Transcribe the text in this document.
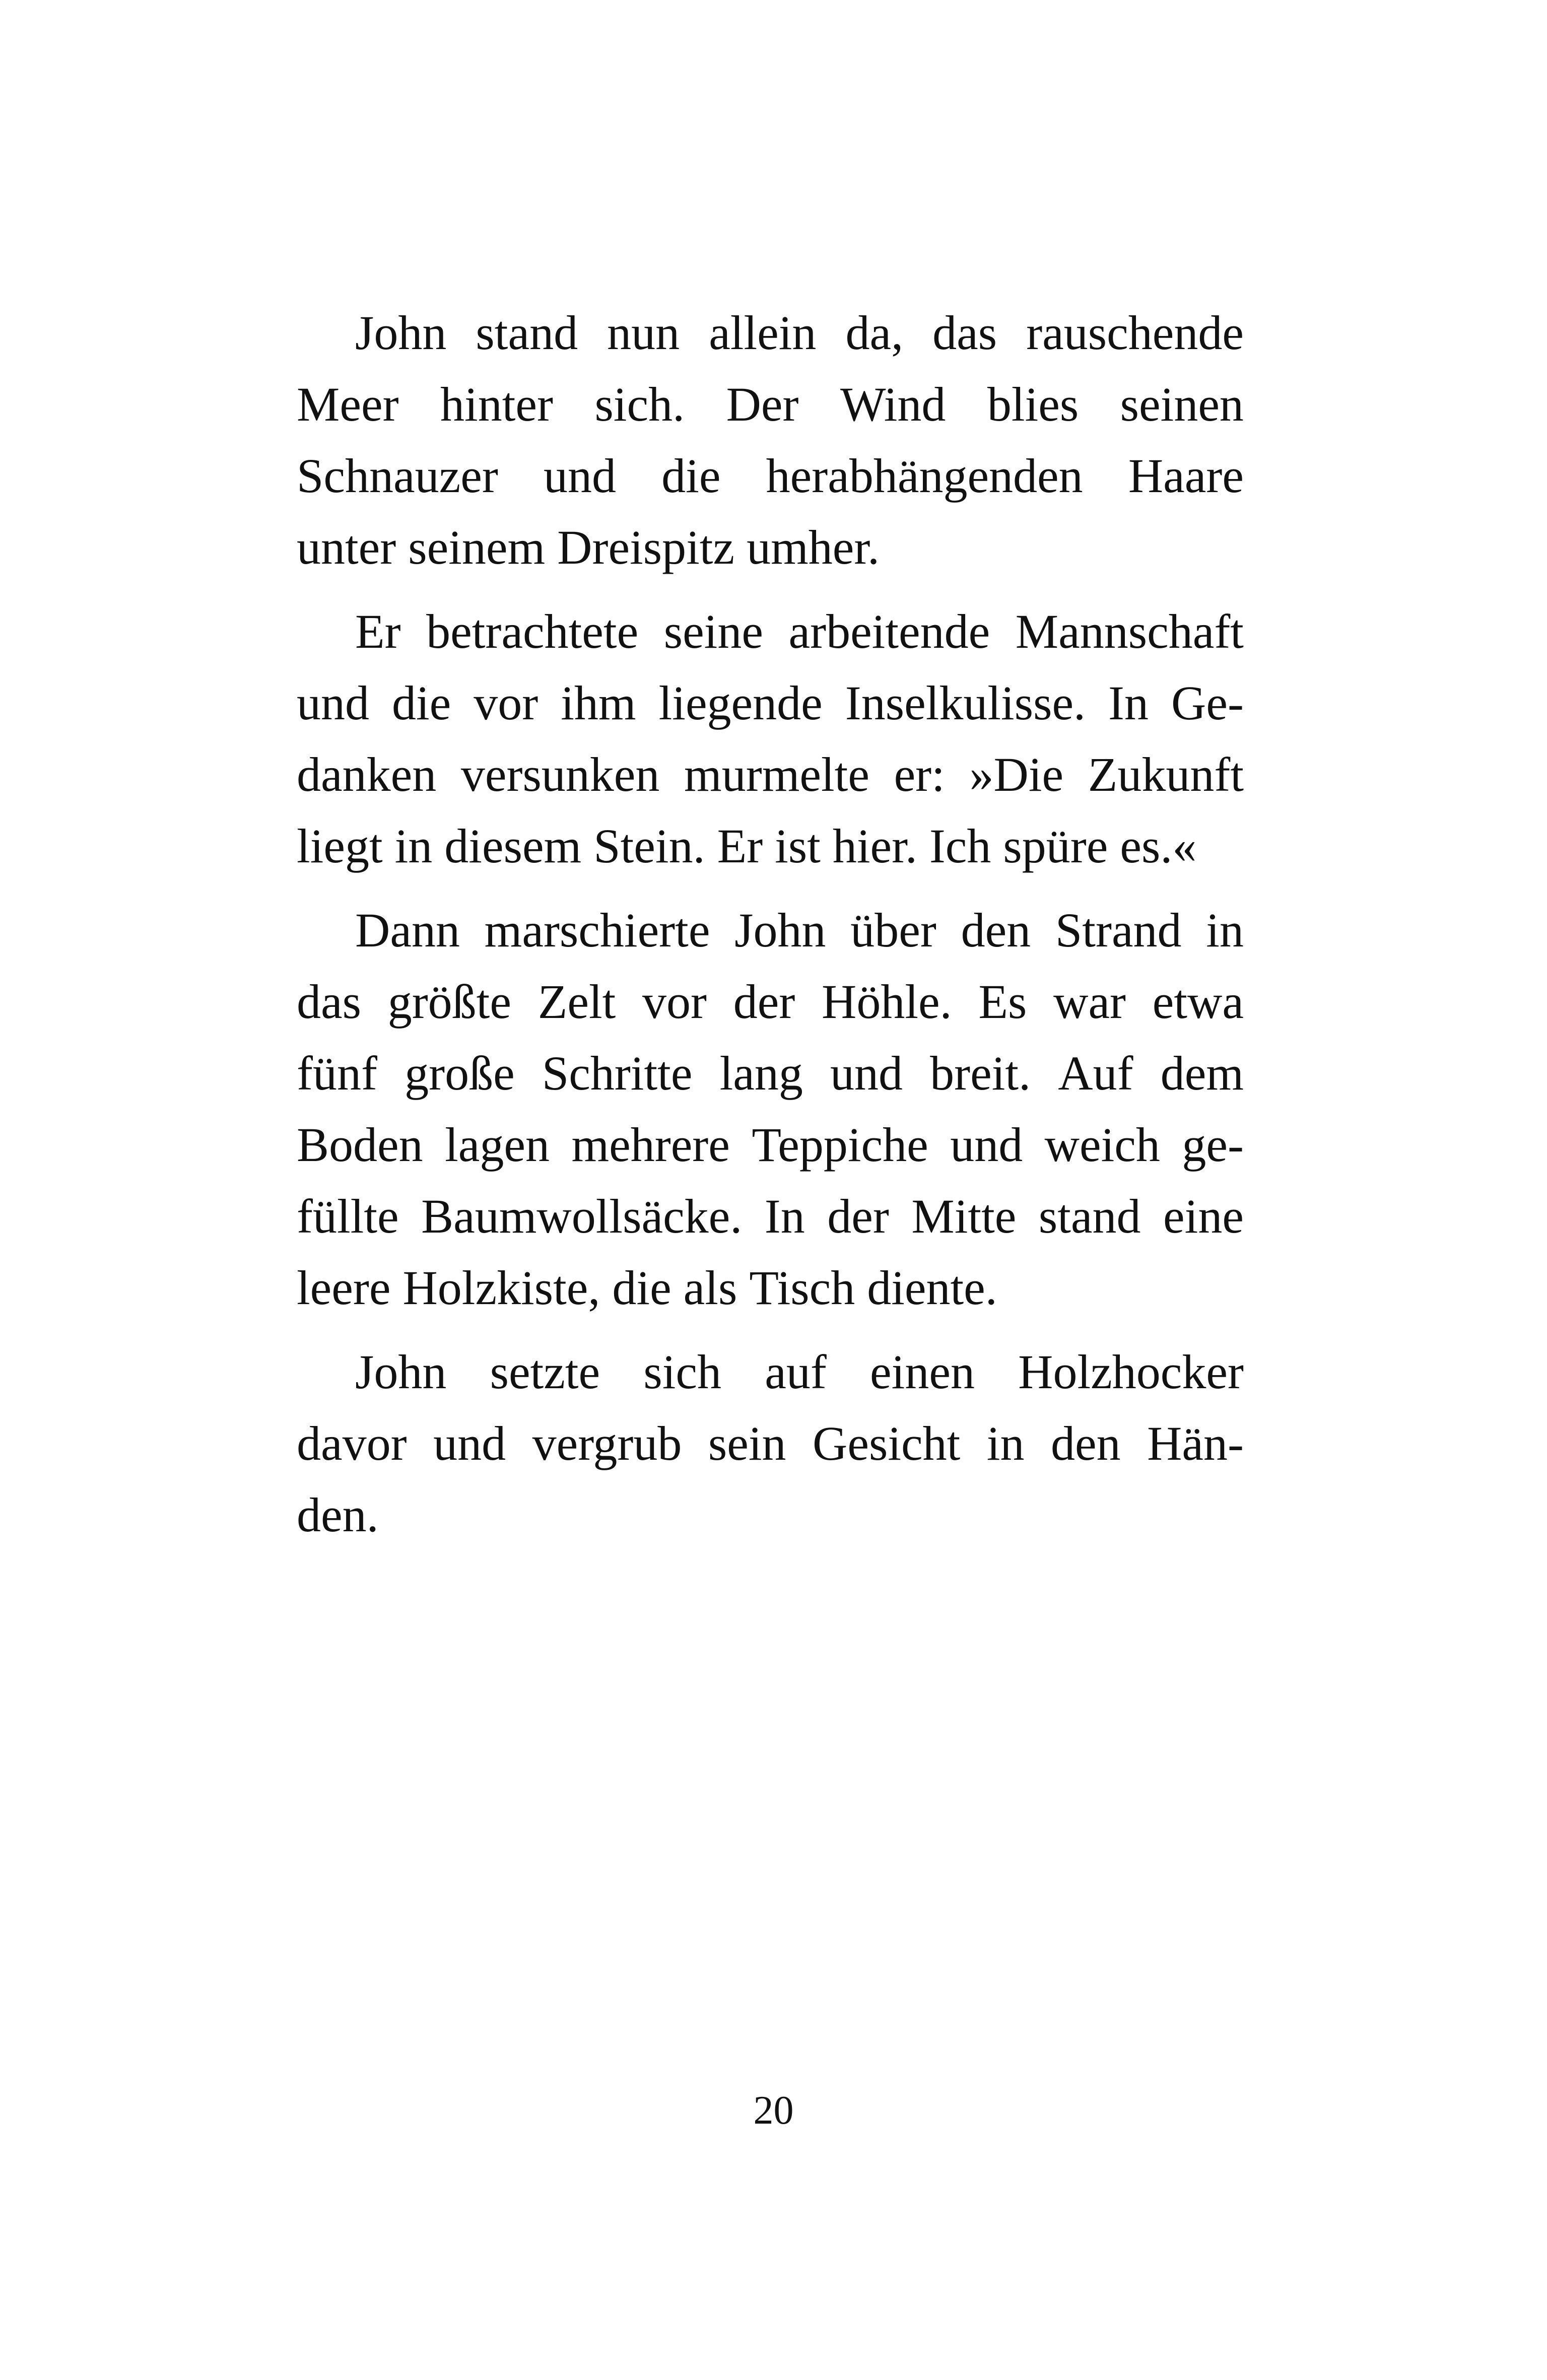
John stand nun allein da, das rauschende
Meer hinter sich. Der Wind blies seinen
Schnauzer und die herabhängenden Haare
unter seinem Dreispitz umher.
Er betrachtete seine arbeitende Mannschaft
und die vor ihm liegende Inselkulisse. In Ge-
danken versunken murmelte er: »Die Zukunft
liegt in diesem Stein. Er ist hier. Ich spüre es.«
Dann marschierte John über den Strand in
das größte Zelt vor der Höhle. Es war etwa
fünf große Schritte lang und breit. Auf dem
Boden lagen mehrere Teppiche und weich ge-
füllte Baumwollsäcke. In der Mitte stand eine
leere Holzkiste, die als Tisch diente.
John setzte sich auf einen Holzhocker
davor und vergrub sein Gesicht in den Hän-
den.
20
